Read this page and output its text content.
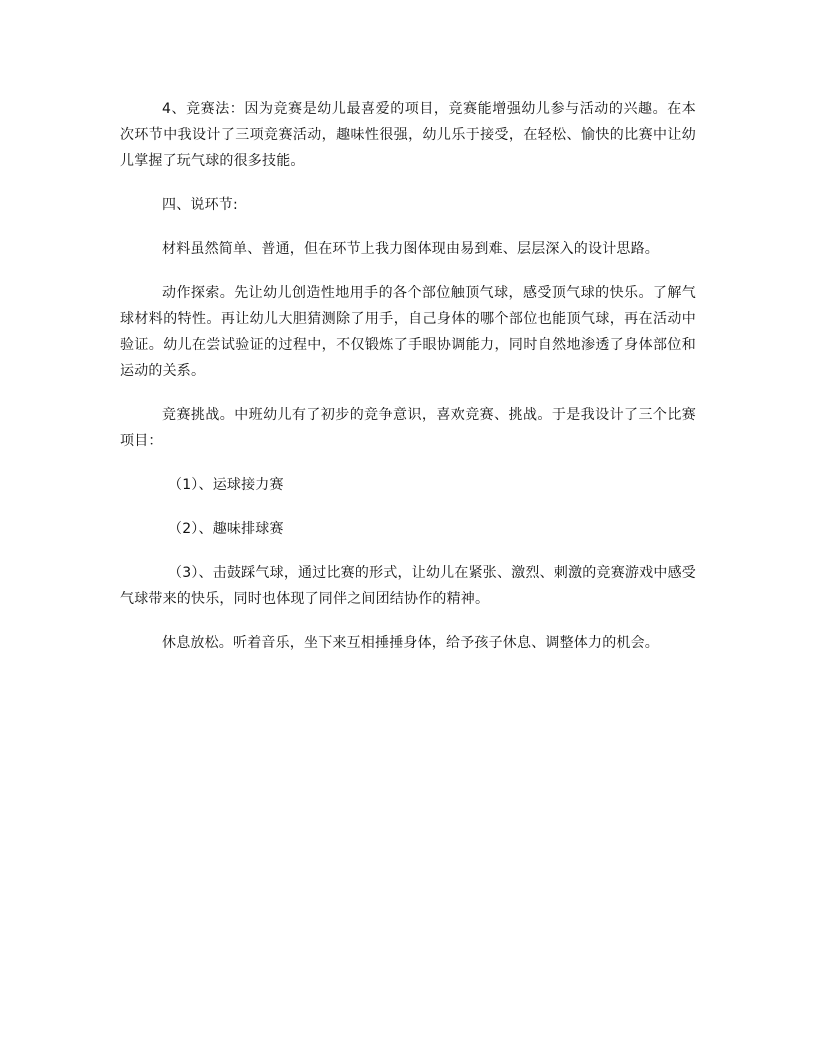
4、竞赛法：因为竞赛是幼儿最喜爱的项目，竞赛能增强幼儿参与活动的兴趣。在本次环节中我设计了三项竞赛活动，趣味性很强，幼儿乐于接受，在轻松、愉快的比赛中让幼儿掌握了玩气球的很多技能。

四、说环节:

材料虽然简单、普通，但在环节上我力图体现由易到难、层层深入的设计思路。

动作探索。先让幼儿创造性地用手的各个部位触顶气球，感受顶气球的快乐。了解气球材料的特性。再让幼儿大胆猜测除了用手，自己身体的哪个部位也能顶气球，再在活动中验证。幼儿在尝试验证的过程中，不仅锻炼了手眼协调能力，同时自然地渗透了身体部位和运动的关系。

竞赛挑战。中班幼儿有了初步的竞争意识，喜欢竞赛、挑战。于是我设计了三个比赛项目：

（1）、运球接力赛

（2）、趣味排球赛

（3）、击鼓踩气球，通过比赛的形式，让幼儿在紧张、激烈、刺激的竞赛游戏中感受气球带来的快乐，同时也体现了同伴之间团结协作的精神。

休息放松。听着音乐，坐下来互相捶捶身体，给予孩子休息、调整体力的机会。
